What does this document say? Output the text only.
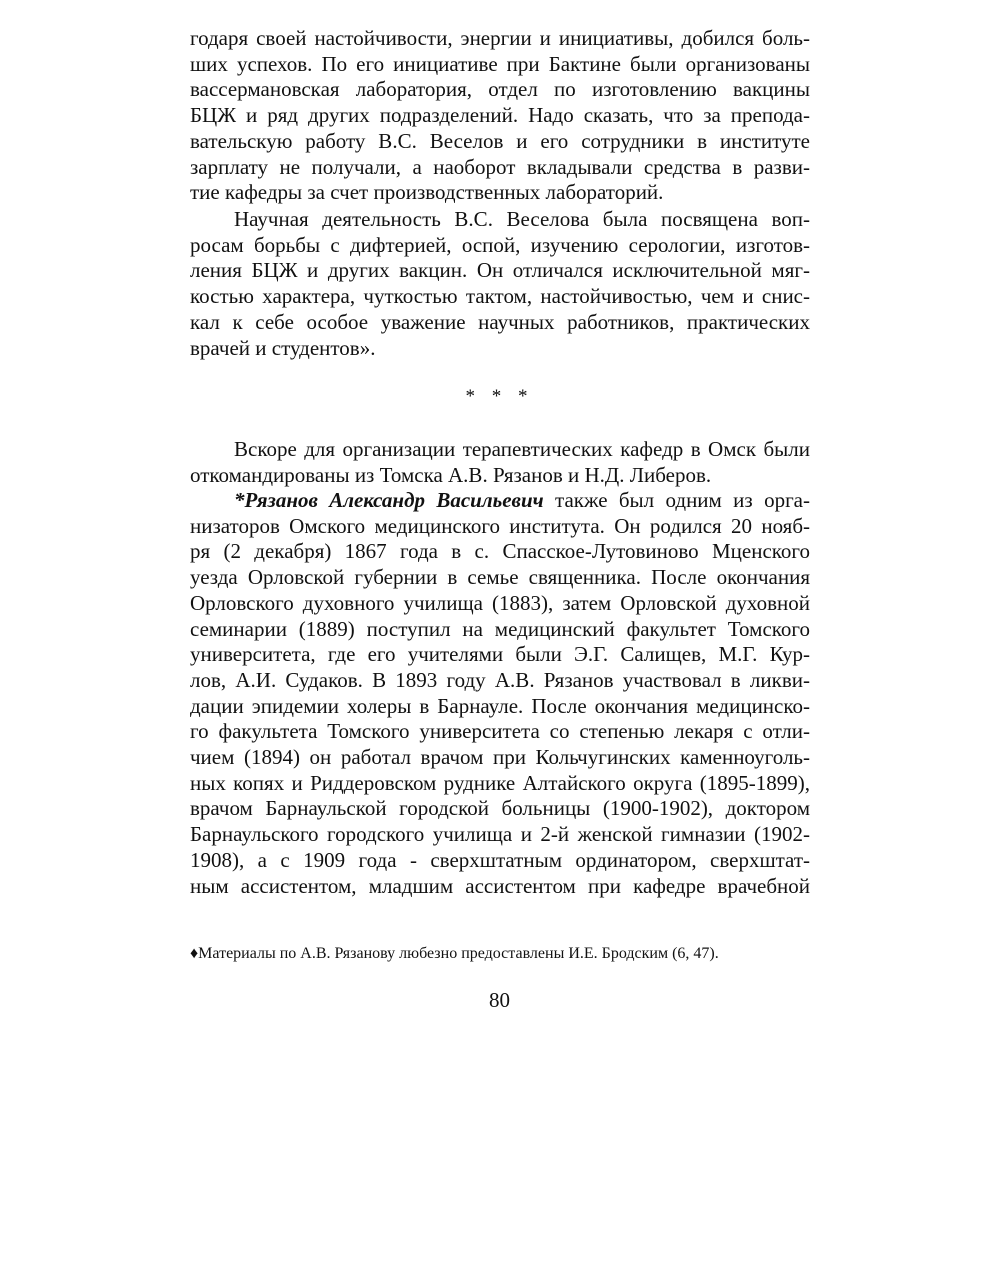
годаря своей настойчивости, энергии и инициативы, добился боль-
ших успехов. По его инициативе при Бактине были организованы
вассермановская лаборатория, отдел по изготовлению вакцины
БЦЖ и ряд других подразделений. Надо сказать, что за препода-
вательскую работу В.С. Веселов и его сотрудники в институте
зарплату не получали, а наоборот вкладывали средства в разви-
тие кафедры за счет производственных лабораторий.
Научная деятельность В.С. Веселова была посвящена воп-
росам борьбы с дифтерией, оспой, изучению серологии, изготов-
ления БЦЖ и других вакцин. Он отличался исключительной мяг-
костью характера, чуткостью тактом, настойчивостью, чем и снис-
кал к себе особое уважение научных работников, практических
врачей и студентов».
* * *
Вскоре для организации терапевтических кафедр в Омск были
откомандированы из Томска А.В. Рязанов и Н.Д. Либеров.
*Рязанов Александр Васильевич также был одним из орга-
низаторов Омского медицинского института. Он родился 20 нояб-
ря (2 декабря) 1867 года в с. Спасское-Лутовиново Мценского
уезда Орловской губернии в семье священника. После окончания
Орловского духовного училища (1883), затем Орловской духовной
семинарии (1889) поступил на медицинский факультет Томского
университета, где его учителями были Э.Г. Салищев, М.Г. Кур-
лов, А.И. Судаков. В 1893 году А.В. Рязанов участвовал в ликви-
дации эпидемии холеры в Барнауле. После окончания медицинско-
го факультета Томского университета со степенью лекаря с отли-
чием (1894) он работал врачом при Кольчугинских каменноуголь-
ных копях и Риддеровском руднике Алтайского округа (1895-1899),
врачом Барнаульской городской больницы (1900-1902), доктором
Барнаульского городского училища и 2-й женской гимназии (1902-
1908), а с 1909 года - сверхштатным ординатором, сверхштат-
ным ассистентом, младшим ассистентом при кафедре врачебной
♦Материалы по А.В. Рязанову любезно предоставлены И.Е. Бродским (6, 47).
80
